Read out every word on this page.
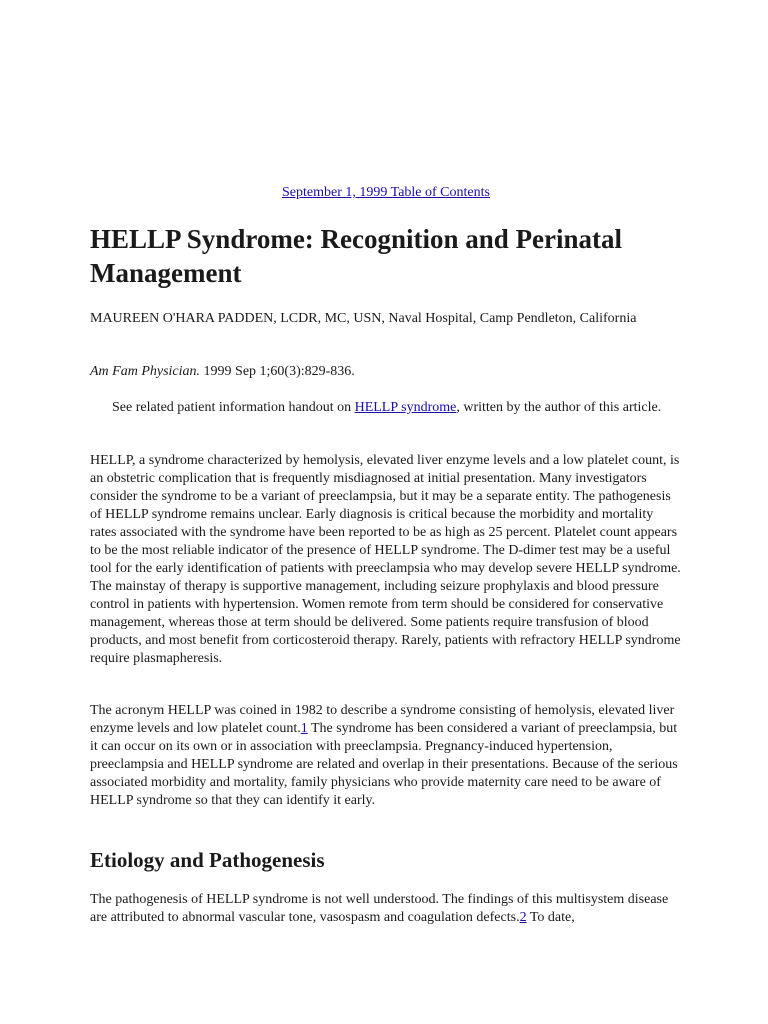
September 1, 1999 Table of Contents
HELLP Syndrome: Recognition and Perinatal Management

MAUREEN O'HARA PADDEN, LCDR, MC, USN, Naval Hospital, Camp Pendleton, California

Am Fam Physician. 1999 Sep 1;60(3):829-836.

See related patient information handout on HELLP syndrome, written by the author of this article.

HELLP, a syndrome characterized by hemolysis, elevated liver enzyme levels and a low platelet count, is an obstetric complication that is frequently misdiagnosed at initial presentation. Many investigators consider the syndrome to be a variant of preeclampsia, but it may be a separate entity. The pathogenesis of HELLP syndrome remains unclear. Early diagnosis is critical because the morbidity and mortality rates associated with the syndrome have been reported to be as high as 25 percent. Platelet count appears to be the most reliable indicator of the presence of HELLP syndrome. The D-dimer test may be a useful tool for the early identification of patients with preeclampsia who may develop severe HELLP syndrome. The mainstay of therapy is supportive management, including seizure prophylaxis and blood pressure control in patients with hypertension. Women remote from term should be considered for conservative management, whereas those at term should be delivered. Some patients require transfusion of blood products, and most benefit from corticosteroid therapy. Rarely, patients with refractory HELLP syndrome require plasmapheresis.

The acronym HELLP was coined in 1982 to describe a syndrome consisting of hemolysis, elevated liver enzyme levels and low platelet count.1 The syndrome has been considered a variant of preeclampsia, but it can occur on its own or in association with preeclampsia. Pregnancy-induced hypertension, preeclampsia and HELLP syndrome are related and overlap in their presentations. Because of the serious associated morbidity and mortality, family physicians who provide maternity care need to be aware of HELLP syndrome so that they can identify it early.

Etiology and Pathogenesis

The pathogenesis of HELLP syndrome is not well understood. The findings of this multisystem disease are attributed to abnormal vascular tone, vasospasm and coagulation defects.2 To date,
